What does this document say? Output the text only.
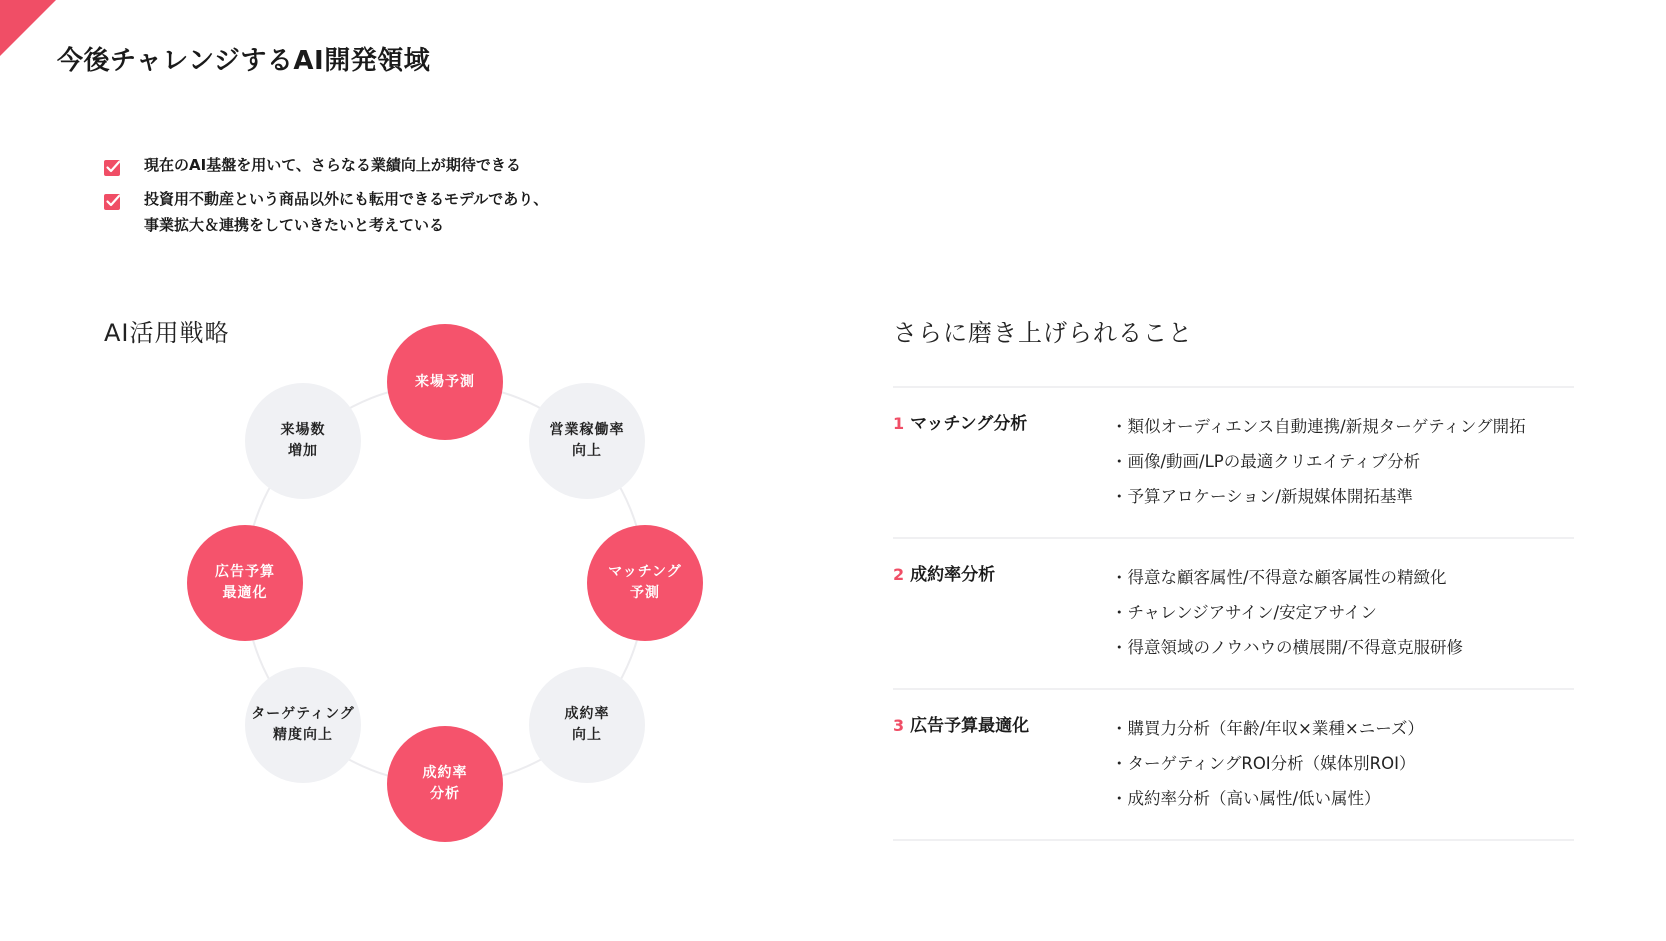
今後チャレンジするAI開発領域
現在のAI基盤を用いて、さらなる業績向上が期待できる
投資用不動産という商品以外にも転用できるモデルであり、
事業拡大＆連携をしていきたいと考えている
AI活用戦略
来場予測
営業稼働率
向上
マッチング
予測
成約率
向上
成約率
分析
ターゲティング
精度向上
広告予算
最適化
来場数
増加
さらに磨き上げられること
1 マッチング分析	・ 類似オーディエンス自動連携/新規ターゲティング開拓
・ 画像/動画/LPの最適クリエイティブ分析
・ 予算アロケーション/新規媒体開拓基準
2 成約率分析	・ 得意な顧客属性/不得意な顧客属性の精緻化
・ チャレンジアサイン/安定アサイン
・ 得意領域のノウハウの横展開/不得意克服研修
3 広告予算最適化	・ 購買力分析（年齢/年収×業種×ニーズ）
・ ターゲティングROI分析（媒体別ROI）
・ 成約率分析（高い属性/低い属性）
